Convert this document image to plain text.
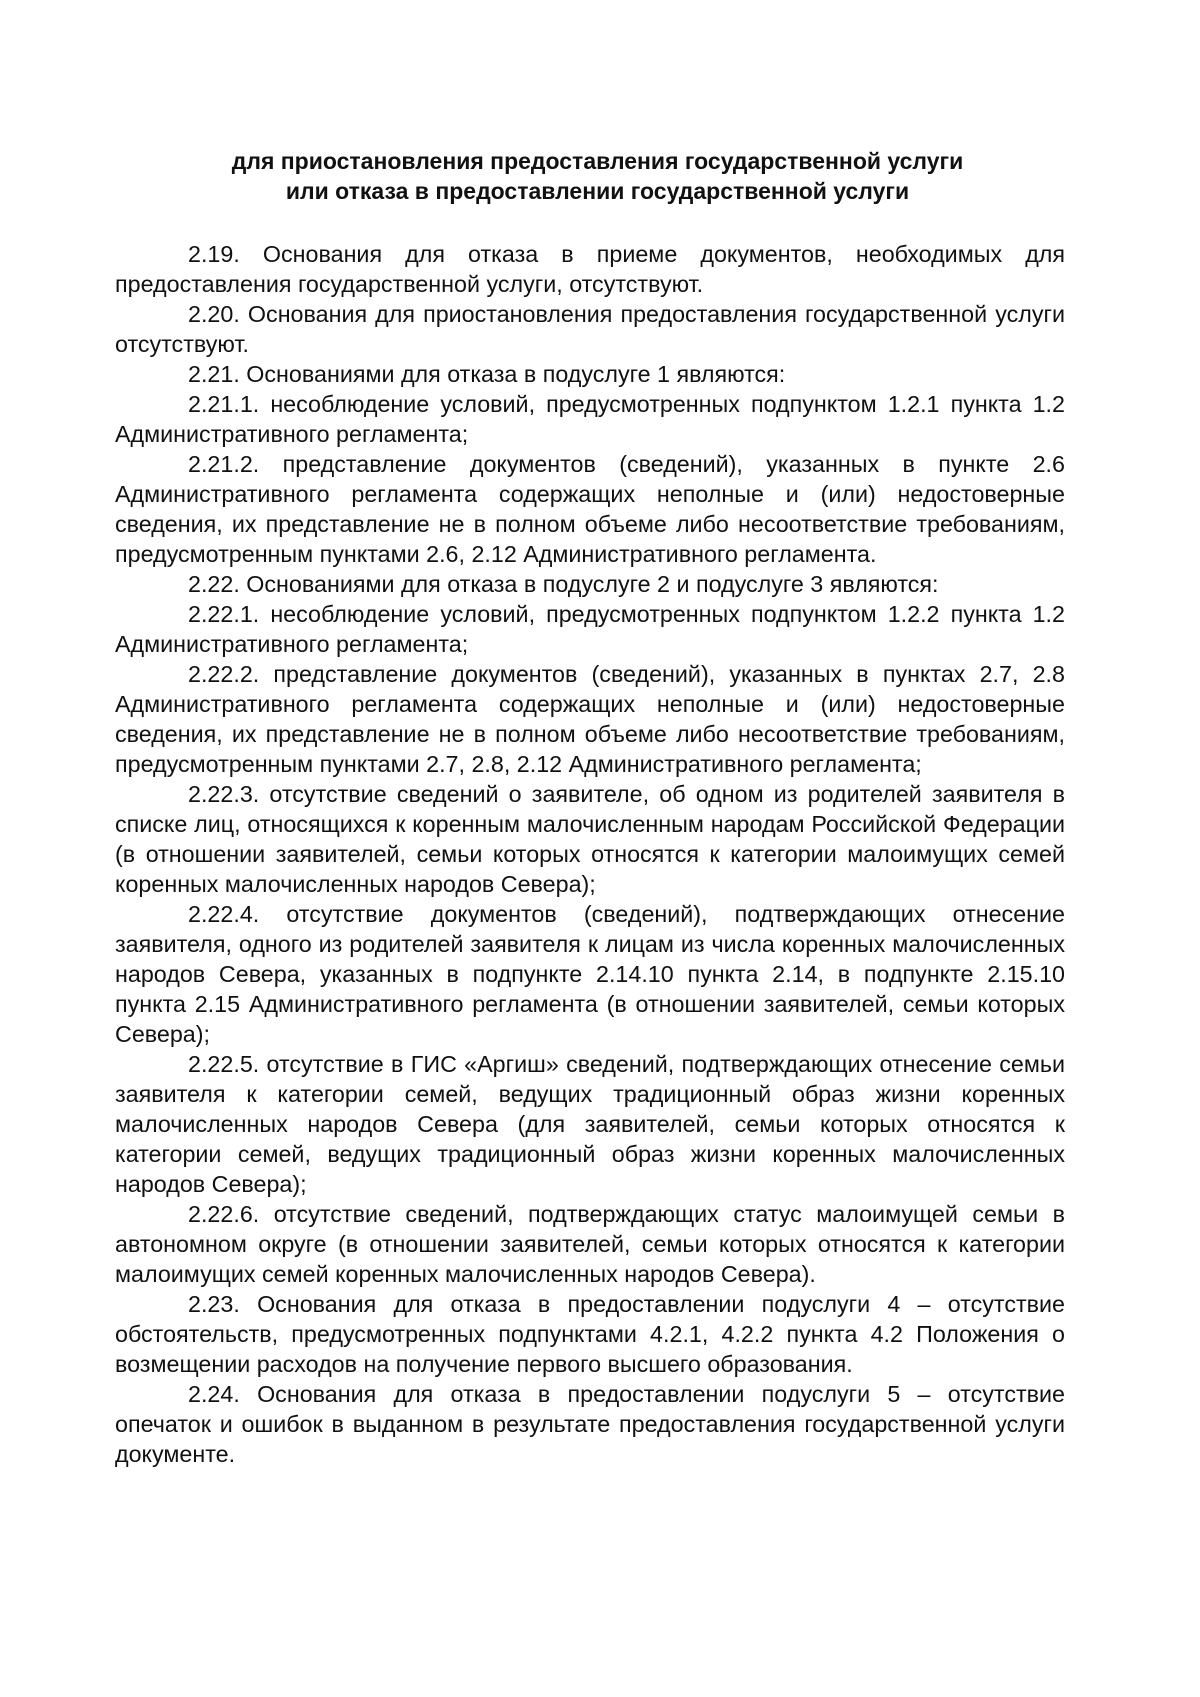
для приостановления предоставления государственной услуги
или отказа в предоставлении государственной услуги

2.19. Основания для отказа в приеме документов, необходимых для предоставления государственной услуги, отсутствуют.

2.20. Основания для приостановления предоставления государственной услуги отсутствуют.

2.21. Основаниями для отказа в подуслуге 1 являются:

2.21.1. несоблюдение условий, предусмотренных подпунктом 1.2.1 пункта 1.2 Административного регламента;

2.21.2. представление документов (сведений), указанных в пункте 2.6 Административного регламента содержащих неполные и (или) недостоверные сведения, их представление не в полном объеме либо несоответствие требованиям, предусмотренным пунктами 2.6, 2.12 Административного регламента.

2.22. Основаниями для отказа в подуслуге 2 и подуслуге 3 являются:

2.22.1. несоблюдение условий, предусмотренных подпунктом 1.2.2 пункта 1.2 Административного регламента;

2.22.2. представление документов (сведений), указанных в пунктах 2.7, 2.8 Административного регламента содержащих неполные и (или) недостоверные сведения, их представление не в полном объеме либо несоответствие требованиям, предусмотренным пунктами 2.7, 2.8, 2.12 Административного регламента;

2.22.3. отсутствие сведений о заявителе, об одном из родителей заявителя в списке лиц, относящихся к коренным малочисленным народам Российской Федерации (в отношении заявителей, семьи которых относятся к категории малоимущих семей коренных малочисленных народов Севера);

2.22.4. отсутствие документов (сведений), подтверждающих отнесение заявителя, одного из родителей заявителя к лицам из числа коренных малочисленных народов Севера, указанных в подпункте 2.14.10 пункта 2.14, в подпункте 2.15.10 пункта 2.15 Административного регламента (в отношении заявителей, семьи которых Севера);

2.22.5. отсутствие в ГИС «Аргиш» сведений, подтверждающих отнесение семьи заявителя к категории семей, ведущих традиционный образ жизни коренных малочисленных народов Севера (для заявителей, семьи которых относятся к категории семей, ведущих традиционный образ жизни коренных малочисленных народов Севера);

2.22.6. отсутствие сведений, подтверждающих статус малоимущей семьи в автономном округе (в отношении заявителей, семьи которых относятся к категории малоимущих семей коренных малочисленных народов Севера).

2.23. Основания для отказа в предоставлении подуслуги 4 – отсутствие обстоятельств, предусмотренных подпунктами 4.2.1, 4.2.2 пункта 4.2 Положения о возмещении расходов на получение первого высшего образования.

2.24. Основания для отказа в предоставлении подуслуги 5 – отсутствие опечаток и ошибок в выданном в результате предоставления государственной услуги документе.
